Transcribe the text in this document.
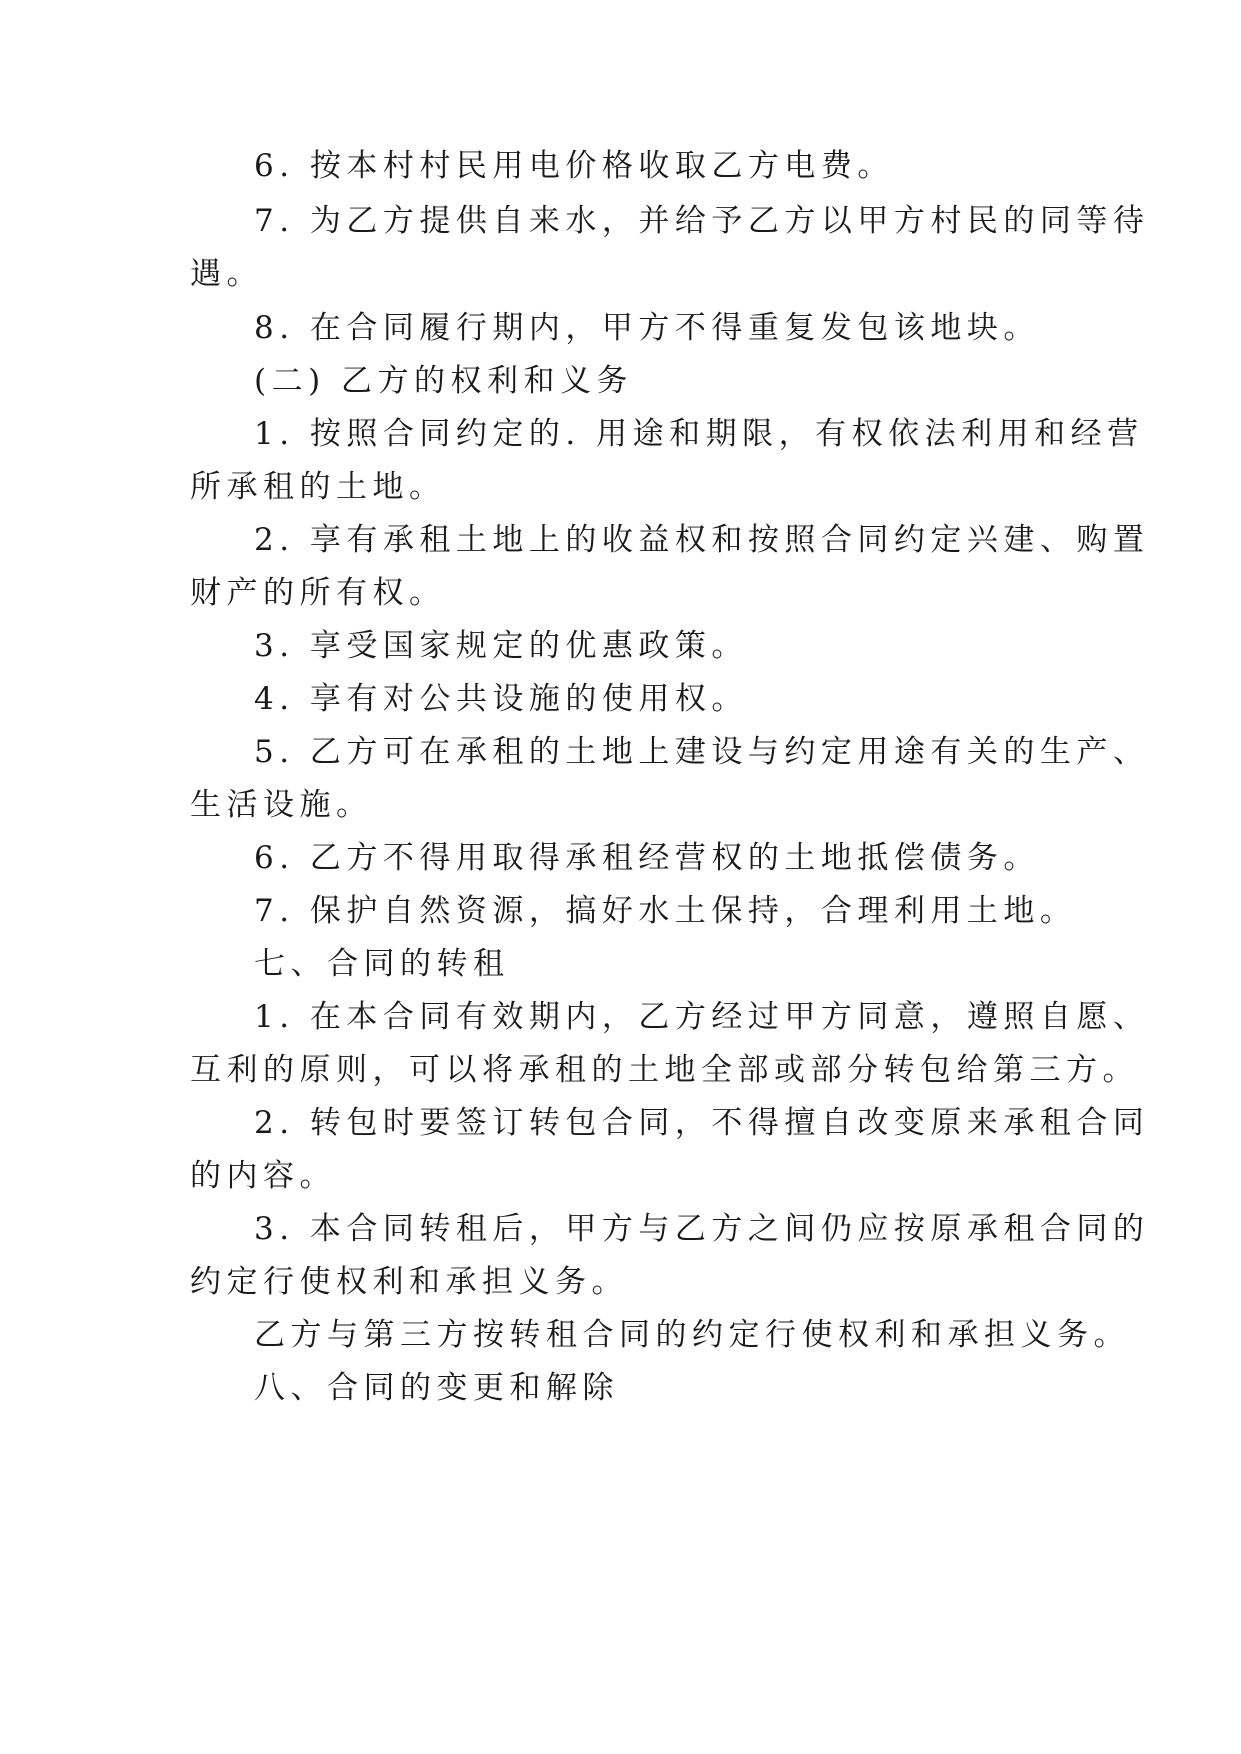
6. 按本村村民用电价格收取乙方电费。
7. 为乙方提供自来水，并给予乙方以甲方村民的同等待
遇。
8. 在合同履行期内，甲方不得重复发包该地块。
(二) 乙方的权利和义务
1. 按照合同约定的. 用途和期限，有权依法利用和经营
所承租的土地。
2. 享有承租土地上的收益权和按照合同约定兴建、购置
财产的所有权。
3. 享受国家规定的优惠政策。
4. 享有对公共设施的使用权。
5. 乙方可在承租的土地上建设与约定用途有关的生产、
生活设施。
6. 乙方不得用取得承租经营权的土地抵偿债务。
7. 保护自然资源，搞好水土保持，合理利用土地。
七、合同的转租
1. 在本合同有效期内，乙方经过甲方同意，遵照自愿、
互利的原则，可以将承租的土地全部或部分转包给第三方。
2. 转包时要签订转包合同，不得擅自改变原来承租合同
的内容。
3. 本合同转租后，甲方与乙方之间仍应按原承租合同的
约定行使权利和承担义务。
乙方与第三方按转租合同的约定行使权利和承担义务。
八、合同的变更和解除
